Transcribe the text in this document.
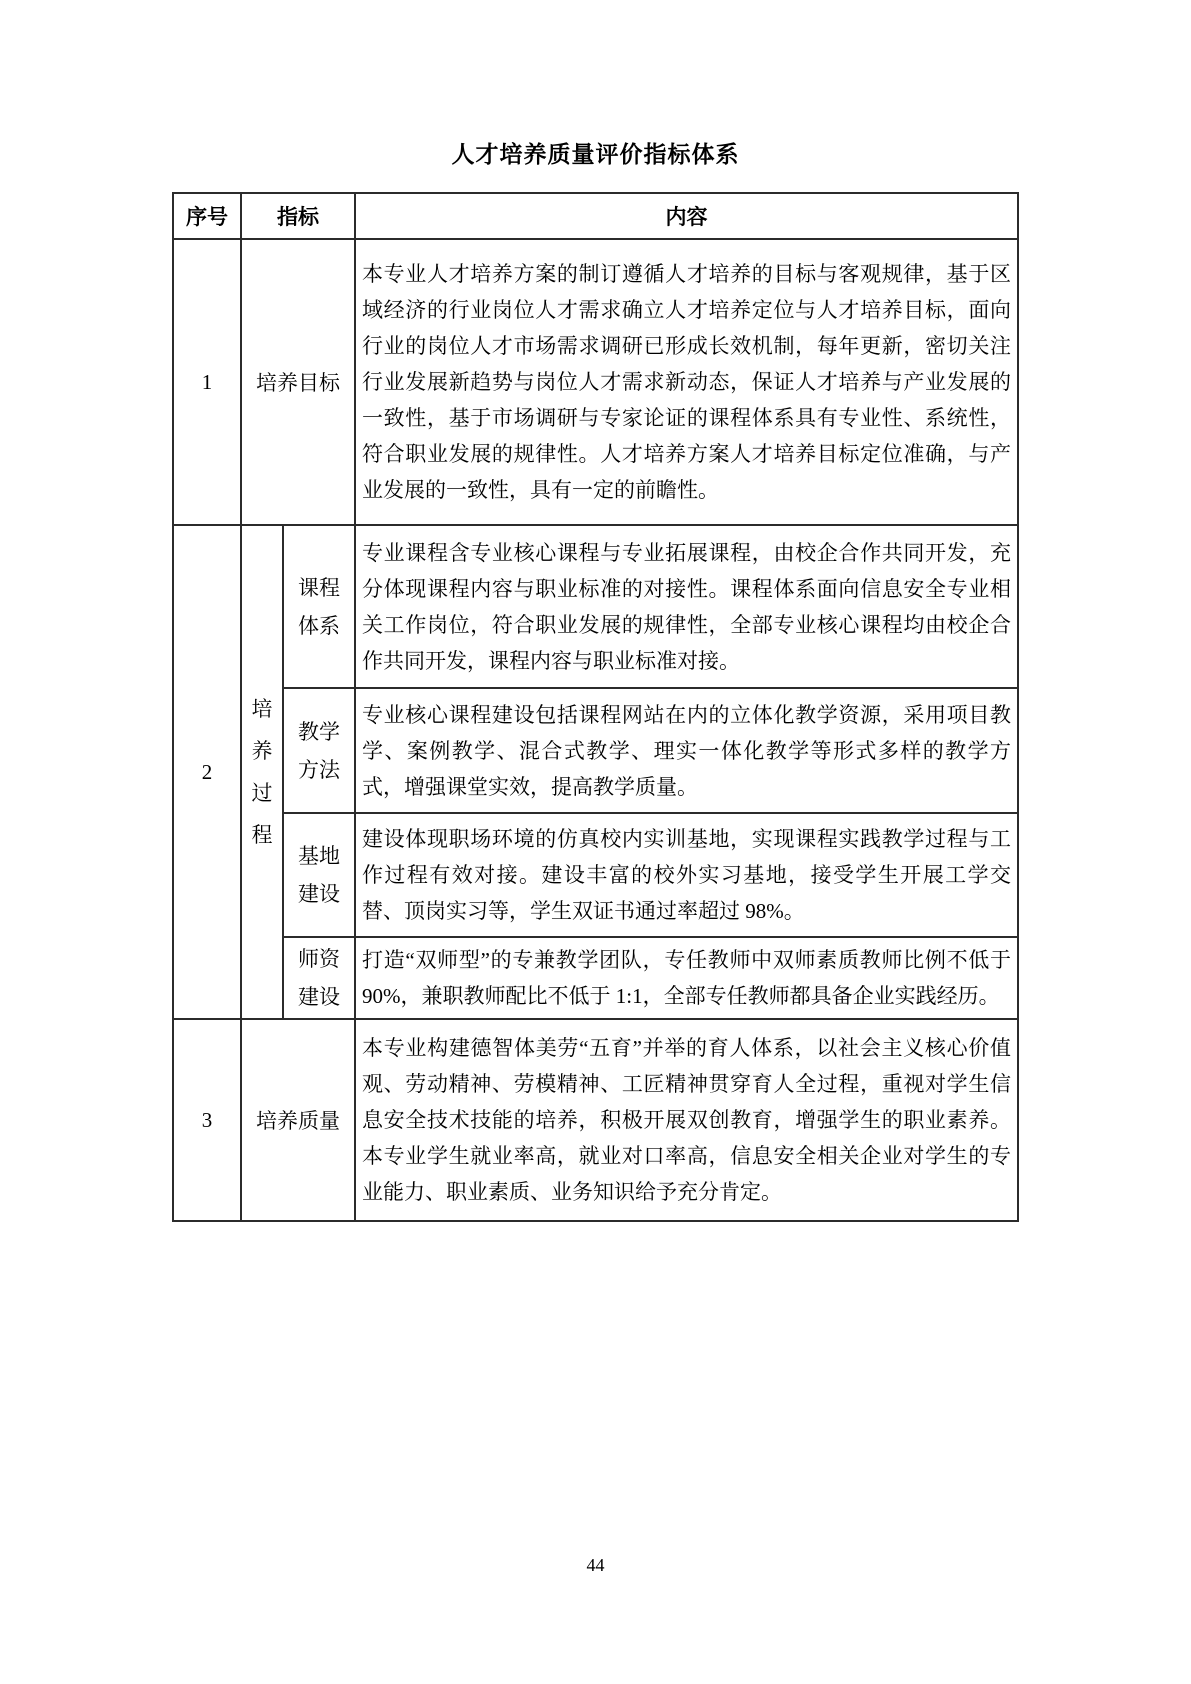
人才培养质量评价指标体系
序号	指标		内容
1	培养目标		本专业人才培养方案的制订遵循人才培养的目标与客观规律，基于区域经济的行业岗位人才需求确立人才培养定位与人才培养目标，面向行业的岗位人才市场需求调研已形成长效机制，每年更新，密切关注行业发展新趋势与岗位人才需求新动态，保证人才培养与产业发展的一致性，基于市场调研与专家论证的课程体系具有专业性、系统性，符合职业发展的规律性。人才培养方案人才培养目标定位准确，与产业发展的一致性，具有一定的前瞻性。
2	培养过程	课程体系	专业课程含专业核心课程与专业拓展课程，由校企合作共同开发，充分体现课程内容与职业标准的对接性。课程体系面向信息安全专业相关工作岗位，符合职业发展的规律性，全部专业核心课程均由校企合作共同开发，课程内容与职业标准对接。

		教学方法	专业核心课程建设包括课程网站在内的立体化教学资源，采用项目教学、案例教学、混合式教学、理实一体化教学等形式多样的教学方式，增强课堂实效，提高教学质量。

		基地建设	建设体现职场环境的仿真校内实训基地，实现课程实践教学过程与工作过程有效对接。建设丰富的校外实习基地，接受学生开展工学交替、顶岗实习等，学生双证书通过率超过 98%。

		师资建设	打造“双师型”的专兼教学团队，专任教师中双师素质教师比例不低于 90%，兼职教师配比不低于 1:1，全部专任教师都具备企业实践经历。
3	培养质量		本专业构建德智体美劳“五育”并举的育人体系，以社会主义核心价值观、劳动精神、劳模精神、工匠精神贯穿育人全过程，重视对学生信息安全技术技能的培养，积极开展双创教育，增强学生的职业素养。本专业学生就业率高，就业对口率高，信息安全相关企业对学生的专业能力、职业素质、业务知识给予充分肯定。
44
